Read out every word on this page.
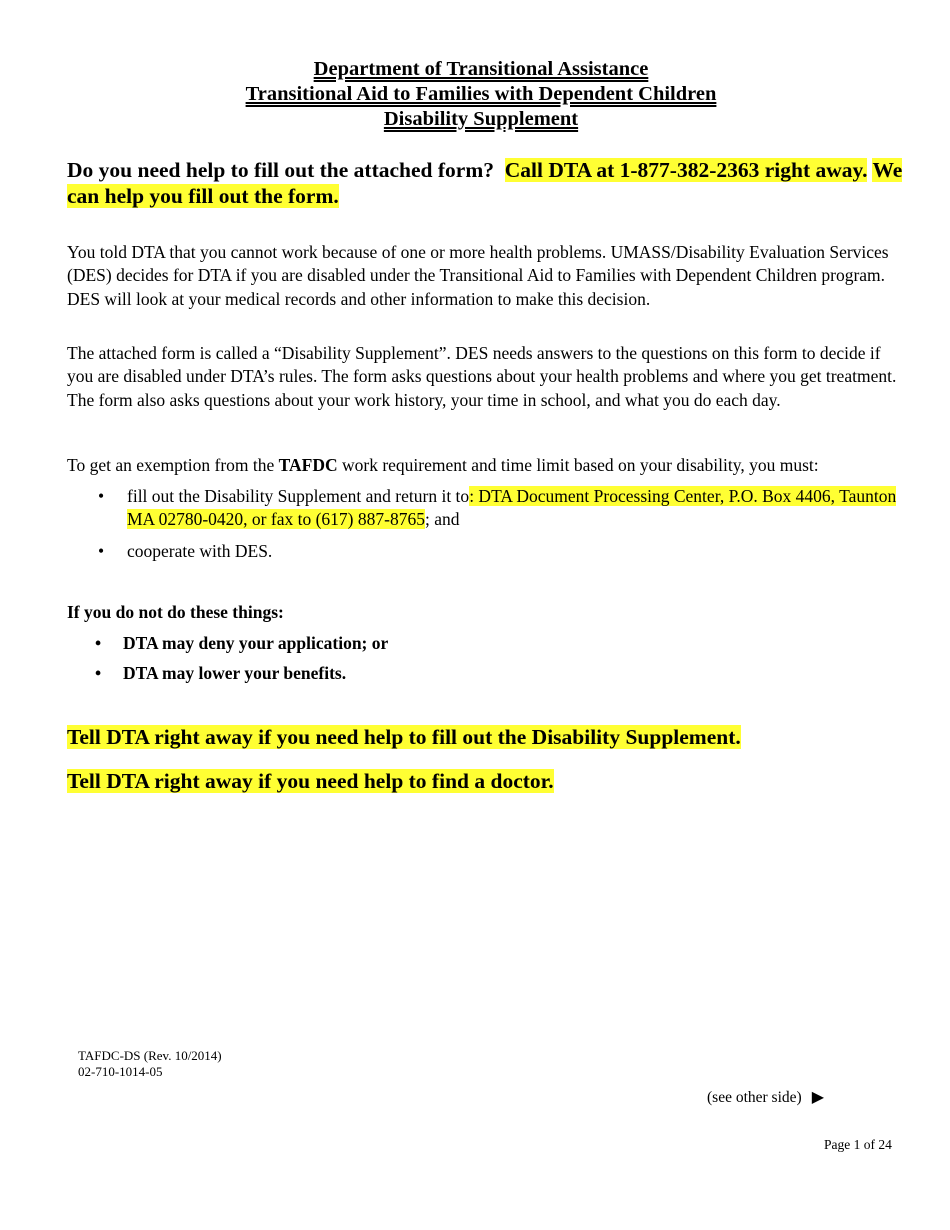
Department of Transitional Assistance
Transitional Aid to Families with Dependent Children
Disability Supplement
Do you need help to fill out the attached form? Call DTA at 1-877-382-2363 right away. We can help you fill out the form.
You told DTA that you cannot work because of one or more health problems. UMASS/Disability Evaluation Services (DES) decides for DTA if you are disabled under the Transitional Aid to Families with Dependent Children program. DES will look at your medical records and other information to make this decision.
The attached form is called a “Disability Supplement”. DES needs answers to the questions on this form to decide if you are disabled under DTA’s rules. The form asks questions about your health problems and where you get treatment. The form also asks questions about your work history, your time in school, and what you do each day.
To get an exemption from the TAFDC work requirement and time limit based on your disability, you must:
• fill out the Disability Supplement and return it to: DTA Document Processing Center, P.O. Box 4406, Taunton MA 02780-0420, or fax to (617) 887-8765; and
• cooperate with DES.
If you do not do these things:
• DTA may deny your application; or
• DTA may lower your benefits.
Tell DTA right away if you need help to fill out the Disability Supplement.
Tell DTA right away if you need help to find a doctor.
TAFDC-DS (Rev. 10/2014)
02-710-1014-05
(see other side) ▶
Page 1 of 24
